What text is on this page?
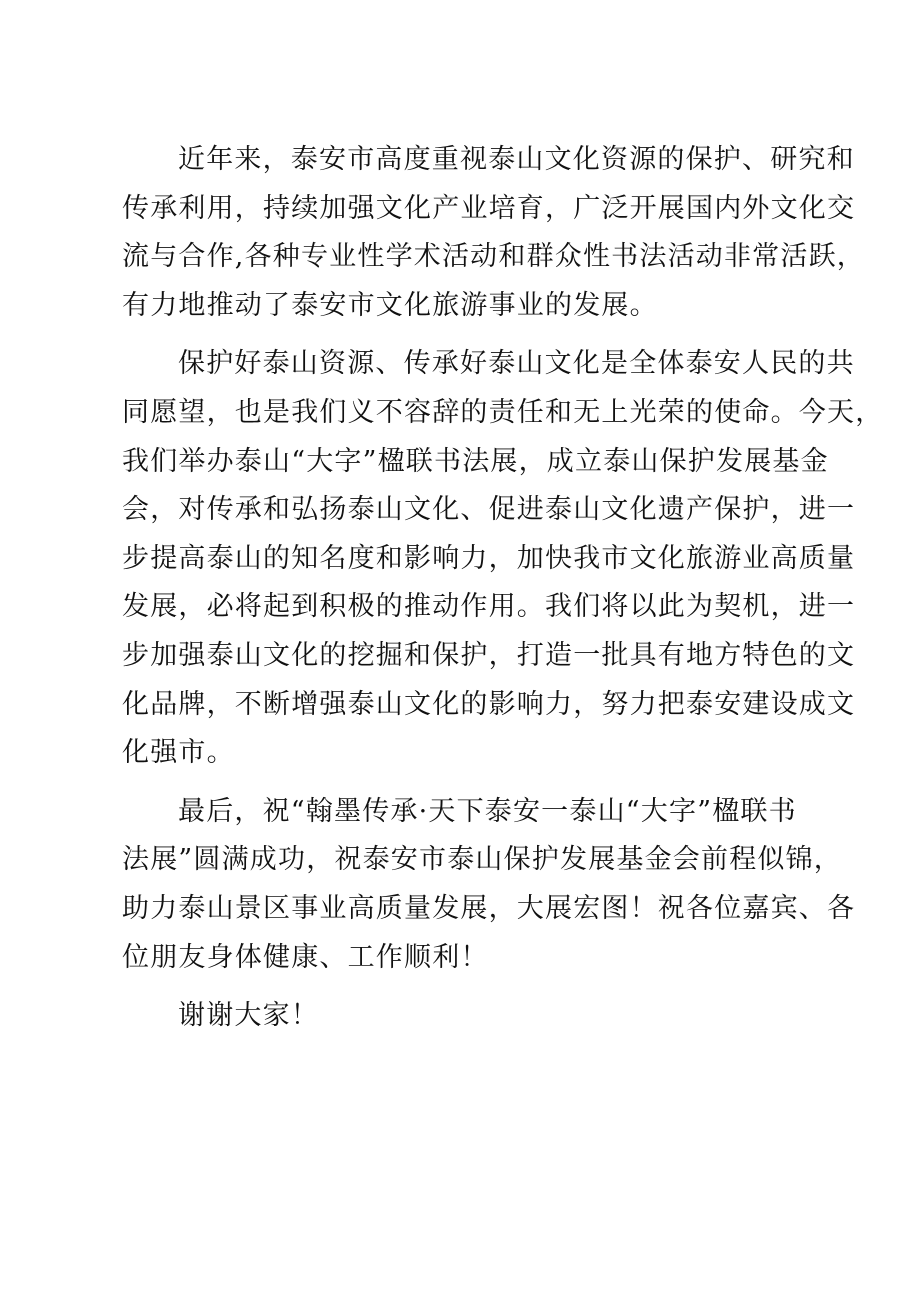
近年来，泰安市高度重视泰山文化资源的保护、研究和
传承利用，持续加强文化产业培育，广泛开展国内外文化交
流与合作,各种专业性学术活动和群众性书法活动非常活跃，
有力地推动了泰安市文化旅游事业的发展。
保护好泰山资源、传承好泰山文化是全体泰安人民的共
同愿望，也是我们义不容辞的责任和无上光荣的使命。今天，
我们举办泰山“大字”楹联书法展，成立泰山保护发展基金
会，对传承和弘扬泰山文化、促进泰山文化遗产保护，进一
步提高泰山的知名度和影响力，加快我市文化旅游业高质量
发展，必将起到积极的推动作用。我们将以此为契机，进一
步加强泰山文化的挖掘和保护，打造一批具有地方特色的文
化品牌，不断增强泰山文化的影响力，努力把泰安建设成文
化强市。
最后，祝“翰墨传承·天下泰安一泰山“大字”楹联书
法展”圆满成功，祝泰安市泰山保护发展基金会前程似锦，
助力泰山景区事业高质量发展，大展宏图！祝各位嘉宾、各
位朋友身体健康、工作顺利！
谢谢大家！
